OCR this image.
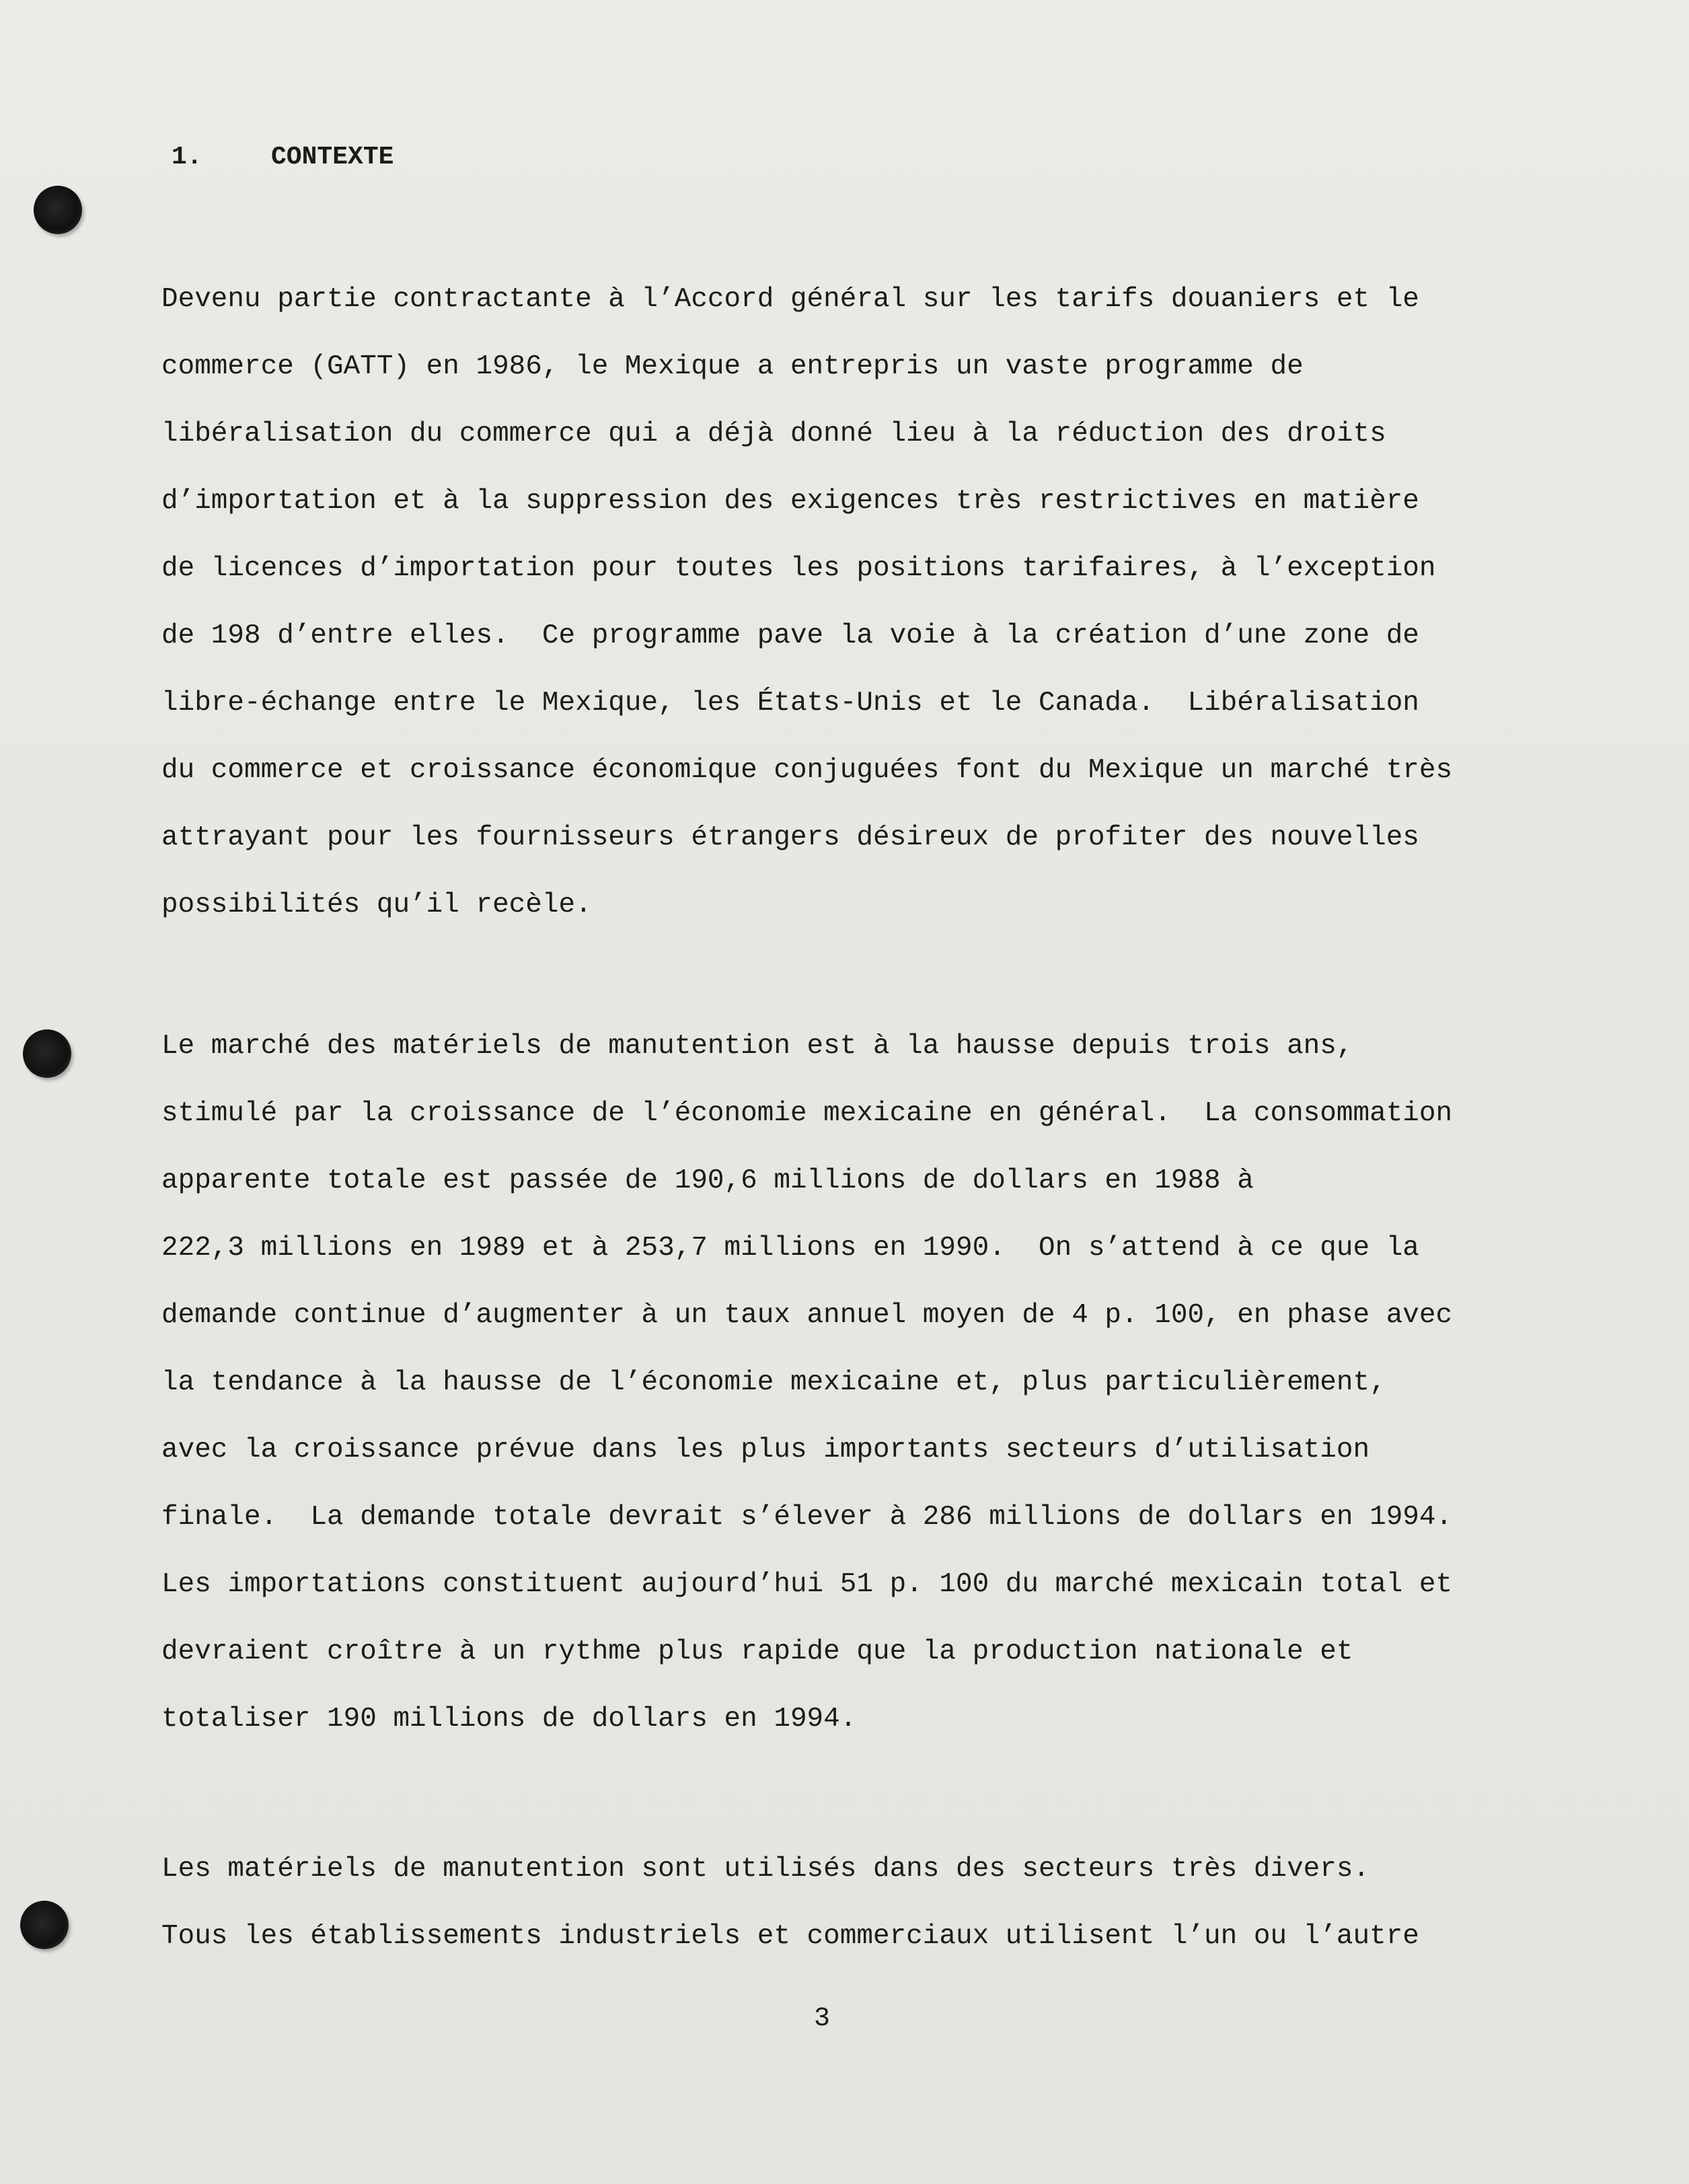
1.	CONTEXTE
Devenu partie contractante à l’Accord général sur les tarifs douaniers et le
commerce (GATT) en 1986, le Mexique a entrepris un vaste programme de
libéralisation du commerce qui a déjà donné lieu à la réduction des droits
d’importation et à la suppression des exigences très restrictives en matière
de licences d’importation pour toutes les positions tarifaires, à l’exception
de 198 d’entre elles.  Ce programme pave la voie à la création d’une zone de
libre-échange entre le Mexique, les États-Unis et le Canada.  Libéralisation
du commerce et croissance économique conjuguées font du Mexique un marché très
attrayant pour les fournisseurs étrangers désireux de profiter des nouvelles
possibilités qu’il recèle.
Le marché des matériels de manutention est à la hausse depuis trois ans,
stimulé par la croissance de l’économie mexicaine en général.  La consommation
apparente totale est passée de 190,6 millions de dollars en 1988 à
222,3 millions en 1989 et à 253,7 millions en 1990.  On s’attend à ce que la
demande continue d’augmenter à un taux annuel moyen de 4 p. 100, en phase avec
la tendance à la hausse de l’économie mexicaine et, plus particulièrement,
avec la croissance prévue dans les plus importants secteurs d’utilisation
finale.  La demande totale devrait s’élever à 286 millions de dollars en 1994.
Les importations constituent aujourd’hui 51 p. 100 du marché mexicain total et
devraient croître à un rythme plus rapide que la production nationale et
totaliser 190 millions de dollars en 1994.
Les matériels de manutention sont utilisés dans des secteurs très divers.
Tous les établissements industriels et commerciaux utilisent l’un ou l’autre
3
